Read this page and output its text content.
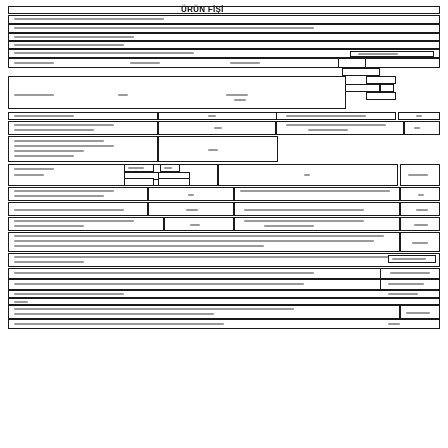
ÜRÜN FİŞİ
